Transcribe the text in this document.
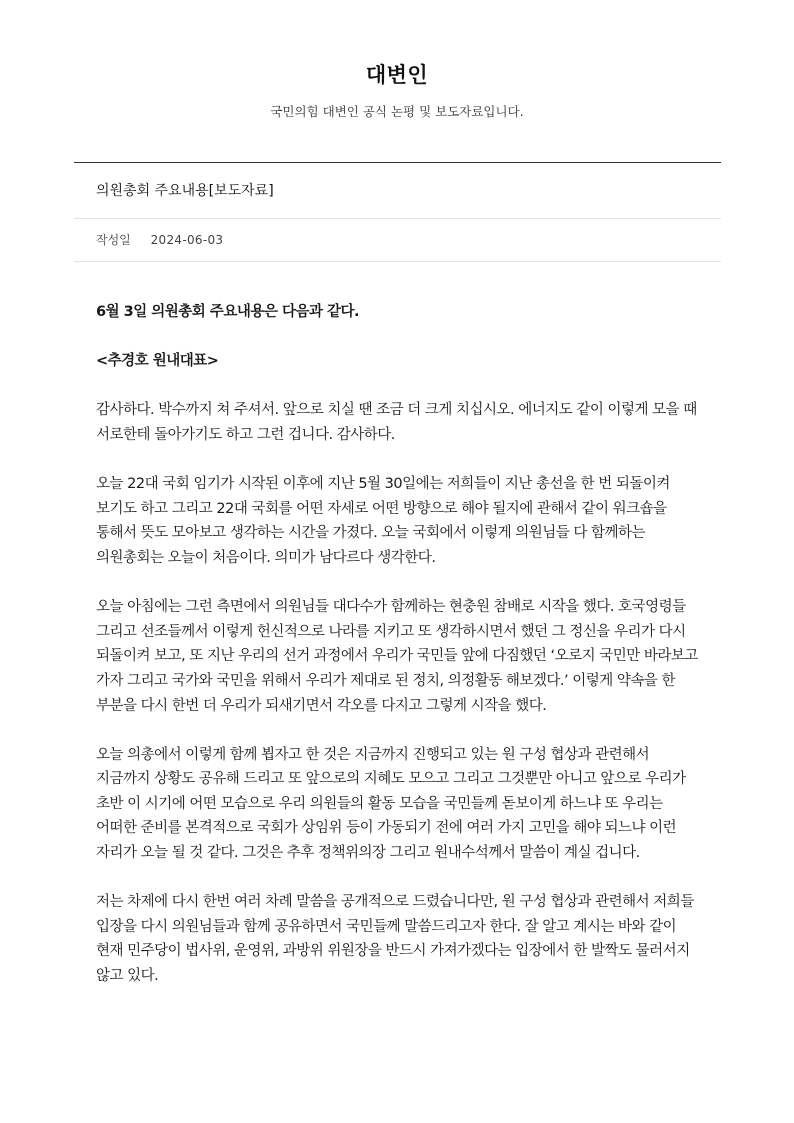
대변인
국민의힘 대변인 공식 논평 및 보도자료입니다.
의원총회 주요내용[보도자료]
작성일 2024-06-03

6월 3일 의원총회 주요내용은 다음과 같다.

<추경호 원내대표>

감사하다. 박수까지 쳐 주셔서. 앞으로 치실 땐 조금 더 크게 치십시오. 에너지도 같이 이렇게 모을 때 서로한테 돌아가기도 하고 그런 겁니다. 감사하다.

오늘 22대 국회 임기가 시작된 이후에 지난 5월 30일에는 저희들이 지난 총선을 한 번 되돌이켜 보기도 하고 그리고 22대 국회를 어떤 자세로 어떤 방향으로 해야 될지에 관해서 같이 워크숍을 통해서 뜻도 모아보고 생각하는 시간을 가졌다. 오늘 국회에서 이렇게 의원님들 다 함께하는 의원총회는 오늘이 처음이다. 의미가 남다르다 생각한다.

오늘 아침에는 그런 측면에서 의원님들 대다수가 함께하는 현충원 참배로 시작을 했다. 호국영령들 그리고 선조들께서 이렇게 헌신적으로 나라를 지키고 또 생각하시면서 했던 그 정신을 우리가 다시 되돌이켜 보고, 또 지난 우리의 선거 과정에서 우리가 국민들 앞에 다짐했던 ‘오로지 국민만 바라보고 가자 그리고 국가와 국민을 위해서 우리가 제대로 된 정치, 의정활동 해보겠다.’ 이렇게 약속을 한 부분을 다시 한번 더 우리가 되새기면서 각오를 다지고 그렇게 시작을 했다.

오늘 의총에서 이렇게 함께 뵙자고 한 것은 지금까지 진행되고 있는 원 구성 협상과 관련해서 지금까지 상황도 공유해 드리고 또 앞으로의 지혜도 모으고 그리고 그것뿐만 아니고 앞으로 우리가 초반 이 시기에 어떤 모습으로 우리 의원들의 활동 모습을 국민들께 돋보이게 하느냐 또 우리는 어떠한 준비를 본격적으로 국회가 상임위 등이 가동되기 전에 여러 가지 고민을 해야 되느냐 이런 자리가 오늘 될 것 같다. 그것은 추후 정책위의장 그리고 원내수석께서 말씀이 계실 겁니다.

저는 차제에 다시 한번 여러 차례 말씀을 공개적으로 드렸습니다만, 원 구성 협상과 관련해서 저희들 입장을 다시 의원님들과 함께 공유하면서 국민들께 말씀드리고자 한다. 잘 알고 계시는 바와 같이 현재 민주당이 법사위, 운영위, 과방위 위원장을 반드시 가져가겠다는 입장에서 한 발짝도 물러서지 않고 있다.
